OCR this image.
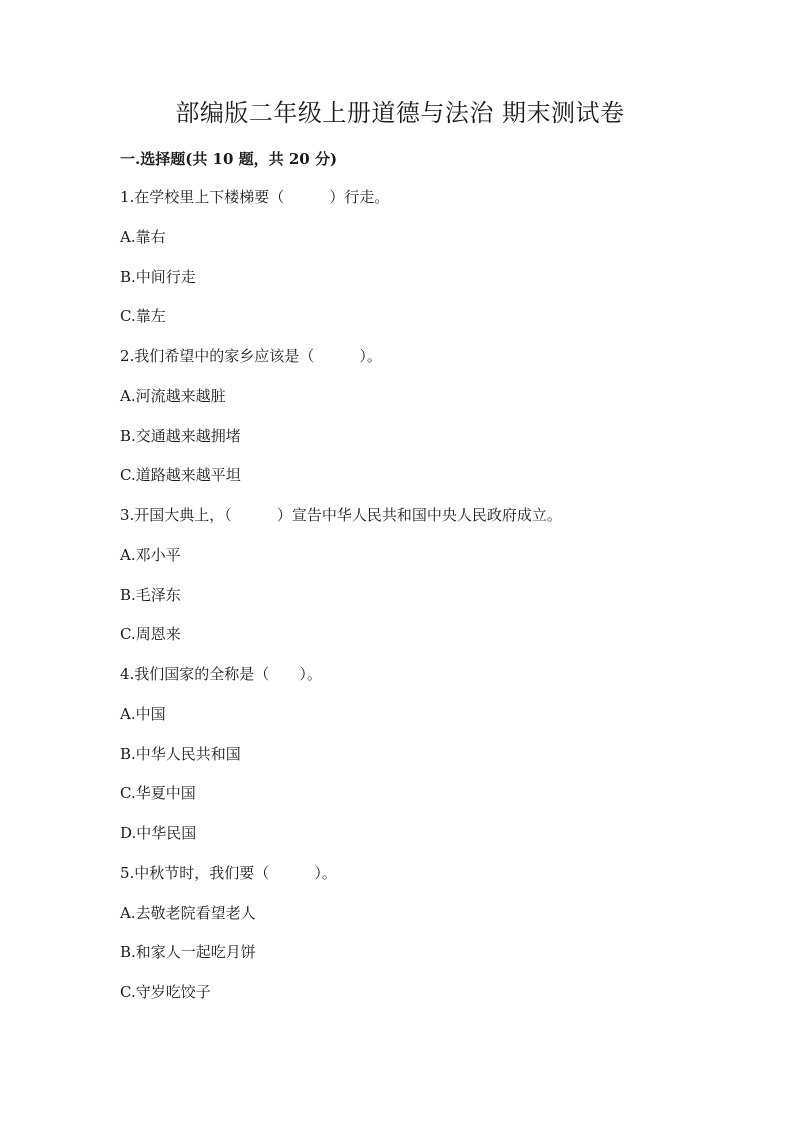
部编版二年级上册道德与法治 期末测试卷
一.选择题(共 10 题，共 20 分)
1.在学校里上下楼梯要（　　　）行走。
A.靠右
B.中间行走
C.靠左
2.我们希望中的家乡应该是（　　　）。
A.河流越来越脏
B.交通越来越拥堵
C.道路越来越平坦
3.开国大典上，（　　　）宣告中华人民共和国中央人民政府成立。
A.邓小平
B.毛泽东
C.周恩来
4.我们国家的全称是（　　）。
A.中国
B.中华人民共和国
C.华夏中国
D.中华民国
5.中秋节时，我们要（　　　）。
A.去敬老院看望老人
B.和家人一起吃月饼
C.守岁吃饺子
